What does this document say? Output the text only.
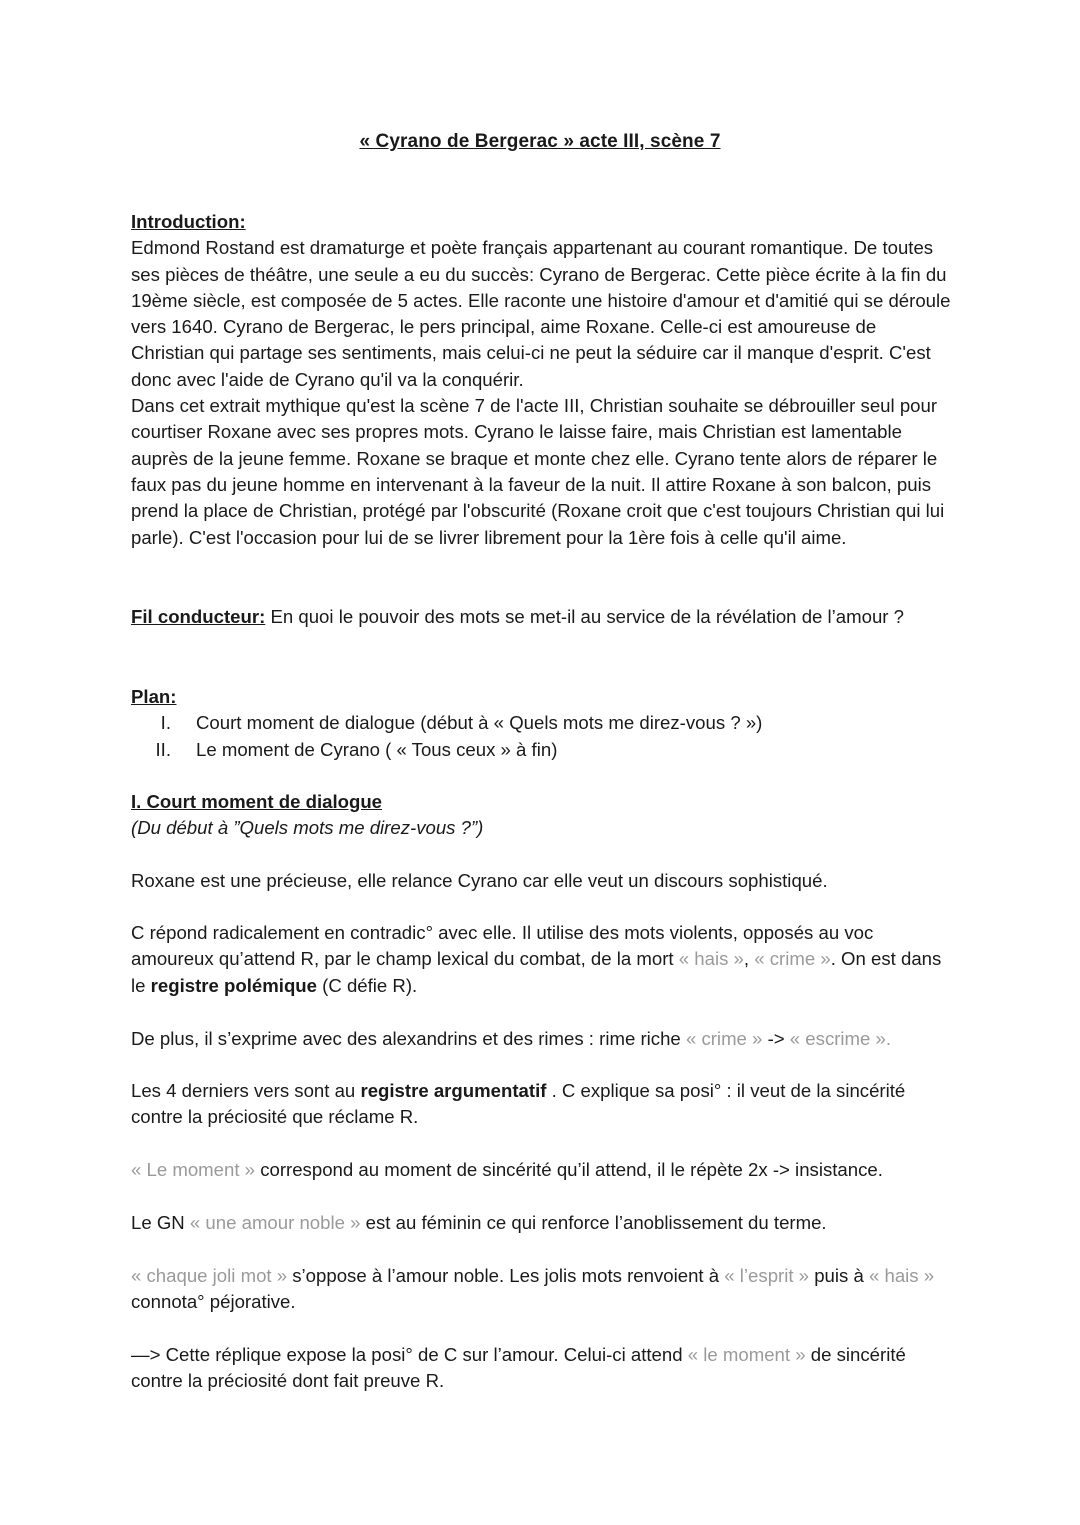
« Cyrano de Bergerac » acte III, scène 7
Introduction:

Edmond Rostand est dramaturge et poète français appartenant au courant romantique. De toutes ses pièces de théâtre, une seule a eu du succès: Cyrano de Bergerac. Cette pièce écrite à la fin du 19ème siècle, est composée de 5 actes. Elle raconte une histoire d'amour et d'amitié qui se déroule vers 1640. Cyrano de Bergerac, le pers principal, aime Roxane. Celle-ci est amoureuse de Christian qui partage ses sentiments, mais celui-ci ne peut la séduire car il manque d'esprit. C'est donc avec l'aide de Cyrano qu'il va la conquérir.

Dans cet extrait mythique qu'est la scène 7 de l'acte III, Christian souhaite se débrouiller seul pour courtiser Roxane avec ses propres mots. Cyrano le laisse faire, mais Christian est lamentable auprès de la jeune femme. Roxane se braque et monte chez elle. Cyrano tente alors de réparer le faux pas du jeune homme en intervenant à la faveur de la nuit. Il attire Roxane à son balcon, puis prend la place de Christian, protégé par l'obscurité (Roxane croit que c'est toujours Christian qui lui parle). C'est l'occasion pour lui de se livrer librement pour la 1ère fois à celle qu'il aime.

Fil conducteur: En quoi le pouvoir des mots se met-il au service de la révélation de l’amour ?
Plan:
I.	Court moment de dialogue (début à « Quels mots me direz-vous ? »)
II.	Le moment de Cyrano ( « Tous ceux » à fin)
I. Court moment de dialogue
(Du début à ”Quels mots me direz-vous ?”)

Roxane est une précieuse, elle relance Cyrano car elle veut un discours sophistiqué.

C répond radicalement en contradic° avec elle. Il utilise des mots violents, opposés au voc amoureux qu’attend R, par le champ lexical du combat, de la mort « hais », « crime ». On est dans le registre polémique (C défie R).
De plus, il s’exprime avec des alexandrins et des rimes : rime riche « crime » -> « escrime ».
Les 4 derniers vers sont au registre argumentatif . C explique sa posi° : il veut de la sincérité contre la préciosité que réclame R.
« Le moment » correspond au moment de sincérité qu’il attend, il le répète 2x -> insistance.
Le GN « une amour noble » est au féminin ce qui renforce l’anoblissement du terme.
« chaque joli mot » s’oppose à l’amour noble. Les jolis mots renvoient à « l’esprit » puis à « hais » connota° péjorative.
—> Cette réplique expose la posi° de C sur l’amour. Celui-ci attend « le moment » de sincérité contre la préciosité dont fait preuve R.
